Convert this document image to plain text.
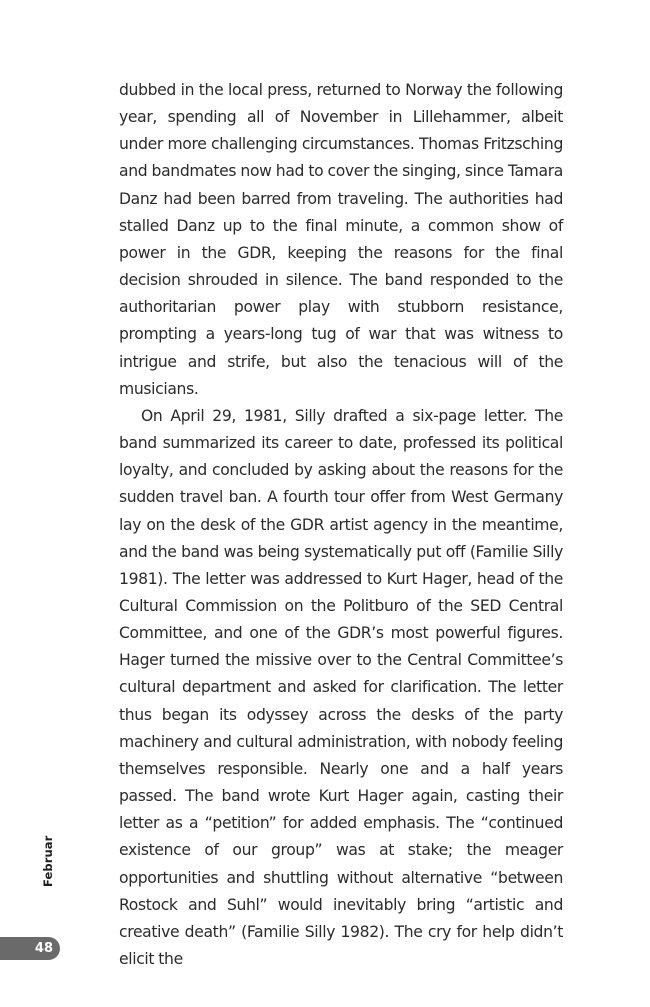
dubbed in the local press, returned to Norway the following year, spending all of November in Lillehammer, albeit under more challenging circumstances. Thomas Fritzsching and bandmates now had to cover the singing, since Tamara Danz had been barred from traveling. The authorities had stalled Danz up to the final minute, a common show of power in the GDR, keeping the reasons for the final decision shrouded in silence. The band responded to the authoritarian power play with stubborn resistance, prompting a years-long tug of war that was witness to intrigue and strife, but also the tenacious will of the musicians.

On April 29, 1981, Silly drafted a six-page letter. The band summarized its career to date, professed its political loyalty, and concluded by asking about the reasons for the sudden travel ban. A fourth tour offer from West Germany lay on the desk of the GDR artist agency in the meantime, and the band was being systematically put off (Familie Silly 1981). The letter was addressed to Kurt Hager, head of the Cultural Commission on the Politburo of the SED Central Committee, and one of the GDR’s most powerful figures. Hager turned the missive over to the Central Committee’s cultural department and asked for clarification. The letter thus began its odyssey across the desks of the party machinery and cultural administration, with nobody feeling themselves responsible. Nearly one and a half years passed. The band wrote Kurt Hager again, casting their letter as a “petition” for added emphasis. The “continued existence of our group” was at stake; the meager opportunities and shuttling without alternative “between Rostock and Suhl” would inevitably bring “artistic and creative death” (Familie Silly 1982). The cry for help didn’t elicit the

Februar
48
